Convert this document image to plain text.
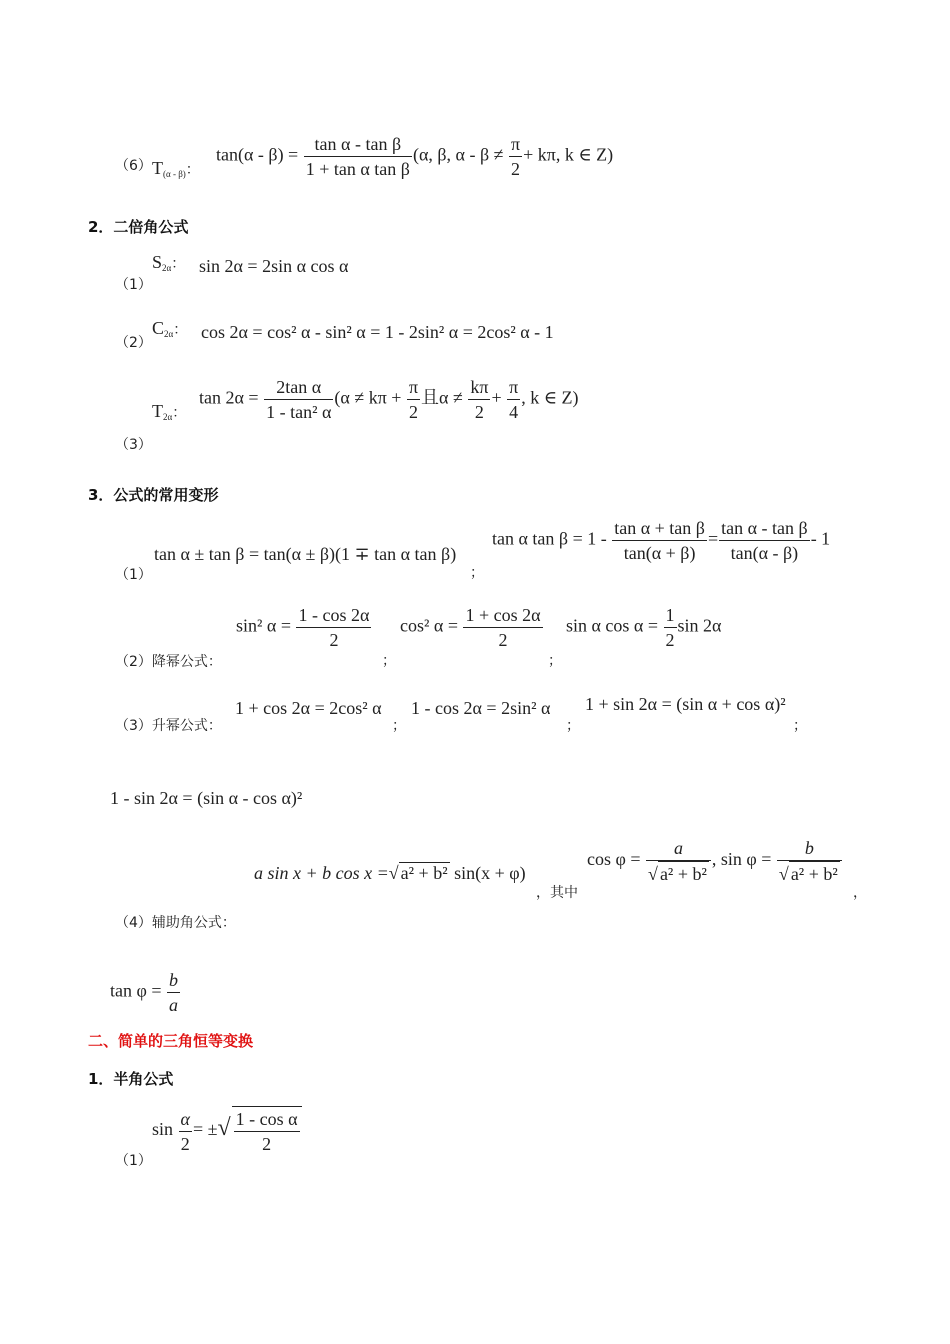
（6） $T_{(\alpha - \beta)}$：
$\tan(\alpha - \beta) = \frac{\text{tan α - tan β}}{\text{1 + tan α tan β}} (\alpha$, β, $\alpha - \beta \ne \frac{\pi}{2} + k\pi$, k ∈ Z)
2．二倍角公式
$S_{2\alpha}$： sin 2α = 2sin α cos α
（1）
（2）
$C_{2\alpha}$： cos 2α = cos² α - sin² α = 1 - 2sin² α = 2cos² α - 1
$T_{2\alpha}$：
$\tan 2\alpha = \frac{\text{2tan α}}{\text{1 - tan² α}} (\alpha \ne k\pi + \frac{\pi}{2}$ 且$\alpha \ne \frac{k\pi}{2} + \frac{\pi}{4}$ , k ∈ Z)
（3）
3．公式的常用变形
tan α ± tan β = tan(α ± β)(1 ∓ tan α tan β)
；
（1）
tan α $\tan \beta = 1 - \frac{\text{tan α + tan β}}{\tan(\alpha + \beta)} = \frac{\text{tan α - tan β}}{\tan(\alpha - \beta)} - 1$
sin² $\alpha = \frac{1 - \cos 2\alpha}{2}$
；
cos² $\alpha = \frac{1 + \cos 2\alpha}{2}$
；
sin α $\cos \alpha = \frac{1}{2}$ sin 2α
（2）降幂公式：
（3）升幂公式：
1 + cos 2α = 2cos² α
；
1 - cos 2α = 2sin² α
；
1 + sin 2α = (sin α + cos α)²
；
1 - sin 2α = (sin α - cos α)²
a sin x + b cos x =√ a² + b² sin(x + φ)
，其中
$\cos \varphi = \frac{a}{\text{√ a² + b²}}$ , $\sin \varphi = \frac{b}{\text{√ a² + b²}}$
，
（4）辅助角公式：
$\tan \varphi = \frac{b}{a}$
二、简单的三角恒等变换
1．半角公式
$\sin \frac{\alpha}{2}$ = ±√ $\frac{\text{1 - cos α}}{2}$
（1）
